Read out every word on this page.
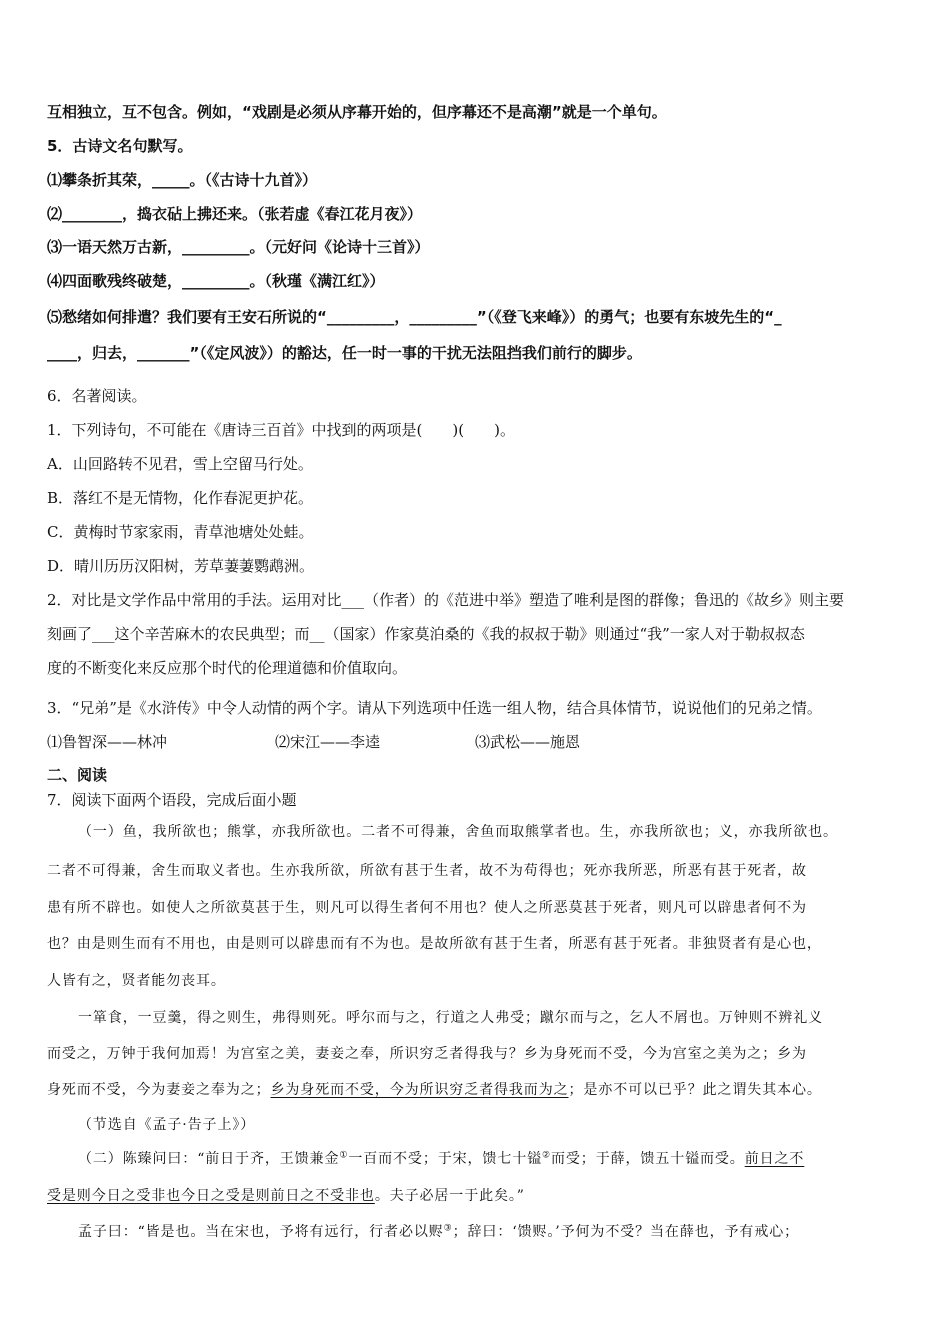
互相独立，互不包含。例如，“戏剧是必须从序幕开始的，但序幕还不是高潮”就是一个单句。
5．古诗文名句默写。
⑴攀条折其荣，_____。（《古诗十九首》）
⑵________，捣衣砧上拂还来。（张若虚《春江花月夜》）
⑶一语天然万古新，_________。（元好问《论诗十三首》）
⑷四面歌残终破楚，_________。（秋瑾《满江红》）
⑸愁绪如何排遣？我们要有王安石所说的“_________，_________”（《登飞来峰》）的勇气；也要有东坡先生的“_
____，归去，_______”（《定风波》）的豁达，任一时一事的干扰无法阻挡我们前行的脚步。
6．名著阅读。
1．下列诗句，不可能在《唐诗三百首》中找到的两项是(　　)(　　)。
A．山回路转不见君，雪上空留马行处。
B．落红不是无情物，化作春泥更护花。
C．黄梅时节家家雨，青草池塘处处蛙。
D．晴川历历汉阳树，芳草萋萋鹦鹉洲。
2．对比是文学作品中常用的手法。运用对比___（作者）的《范进中举》塑造了唯利是图的群像；鲁迅的《故乡》则主要
刻画了___这个辛苦麻木的农民典型；而__（国家）作家莫泊桑的《我的叔叔于勒》则通过“我”一家人对于勒叔叔态
度的不断变化来反应那个时代的伦理道德和价值取向。
3．“兄弟”是《水浒传》中令人动情的两个字。请从下列选项中任选一组人物，结合具体情节，说说他们的兄弟之情。
⑴鲁智深——林冲	⑵宋江——李逵	⑶武松——施恩
二、阅读
7．阅读下面两个语段，完成后面小题
（一）鱼，我所欲也；熊掌，亦我所欲也。二者不可得兼，舍鱼而取熊掌者也。生，亦我所欲也；义，亦我所欲也。
二者不可得兼，舍生而取义者也。生亦我所欲，所欲有甚于生者，故不为苟得也；死亦我所恶，所恶有甚于死者，故
患有所不辟也。如使人之所欲莫甚于生，则凡可以得生者何不用也？使人之所恶莫甚于死者，则凡可以辟患者何不为
也？由是则生而有不用也，由是则可以辟患而有不为也。是故所欲有甚于生者，所恶有甚于死者。非独贤者有是心也，
人皆有之，贤者能勿丧耳。
一箪食，一豆羹，得之则生，弗得则死。呼尔而与之，行道之人弗受；蹴尔而与之，乞人不屑也。万钟则不辨礼义
而受之，万钟于我何加焉！为宫室之美，妻妾之奉，所识穷乏者得我与？乡为身死而不受，今为宫室之美为之；乡为
身死而不受，今为妻妾之奉为之；乡为身死而不受，今为所识穷乏者得我而为之；是亦不可以已乎？此之谓失其本心。
（节选自《孟子·告子上》）
（二）陈臻问曰：“前日于齐，王馈兼金①一百而不受；于宋，馈七十镒②而受；于薛，馈五十镒而受。前日之不
受是则今日之受非也今日之受是则前日之不受非也。夫子必居一于此矣。”
孟子曰：“皆是也。当在宋也，予将有远行，行者必以赆③；辞曰：‘馈赆。’予何为不受？当在薛也，予有戒心；
